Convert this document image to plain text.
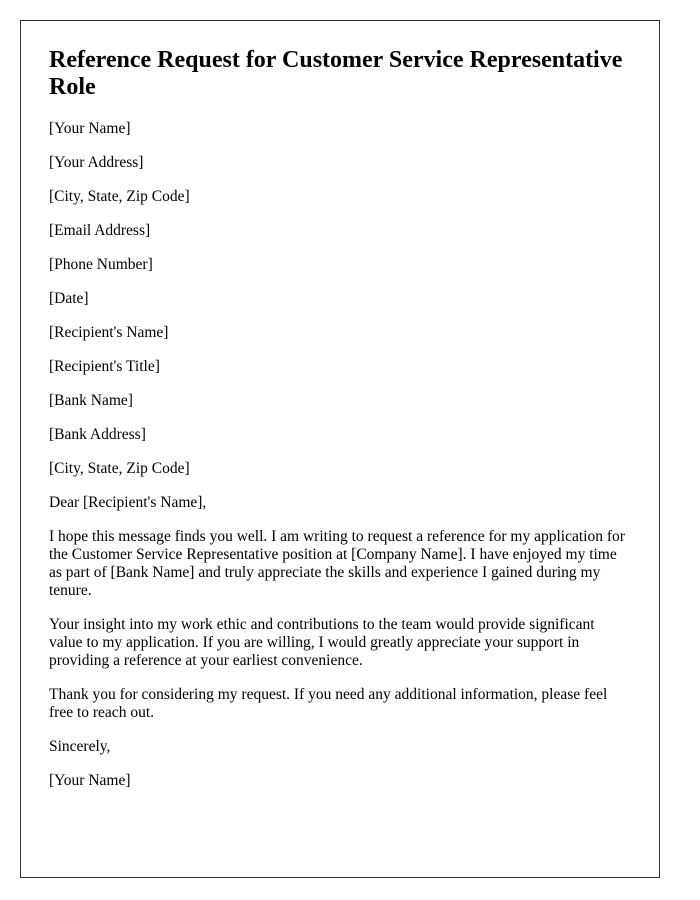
Reference Request for Customer Service Representative Role

[Your Name]

[Your Address]

[City, State, Zip Code]

[Email Address]

[Phone Number]

[Date]

[Recipient's Name]

[Recipient's Title]

[Bank Name]

[Bank Address]

[City, State, Zip Code]

Dear [Recipient's Name],

I hope this message finds you well. I am writing to request a reference for my application for the Customer Service Representative position at [Company Name]. I have enjoyed my time as part of [Bank Name] and truly appreciate the skills and experience I gained during my tenure.

Your insight into my work ethic and contributions to the team would provide significant value to my application. If you are willing, I would greatly appreciate your support in providing a reference at your earliest convenience.

Thank you for considering my request. If you need any additional information, please feel free to reach out.

Sincerely,

[Your Name]
